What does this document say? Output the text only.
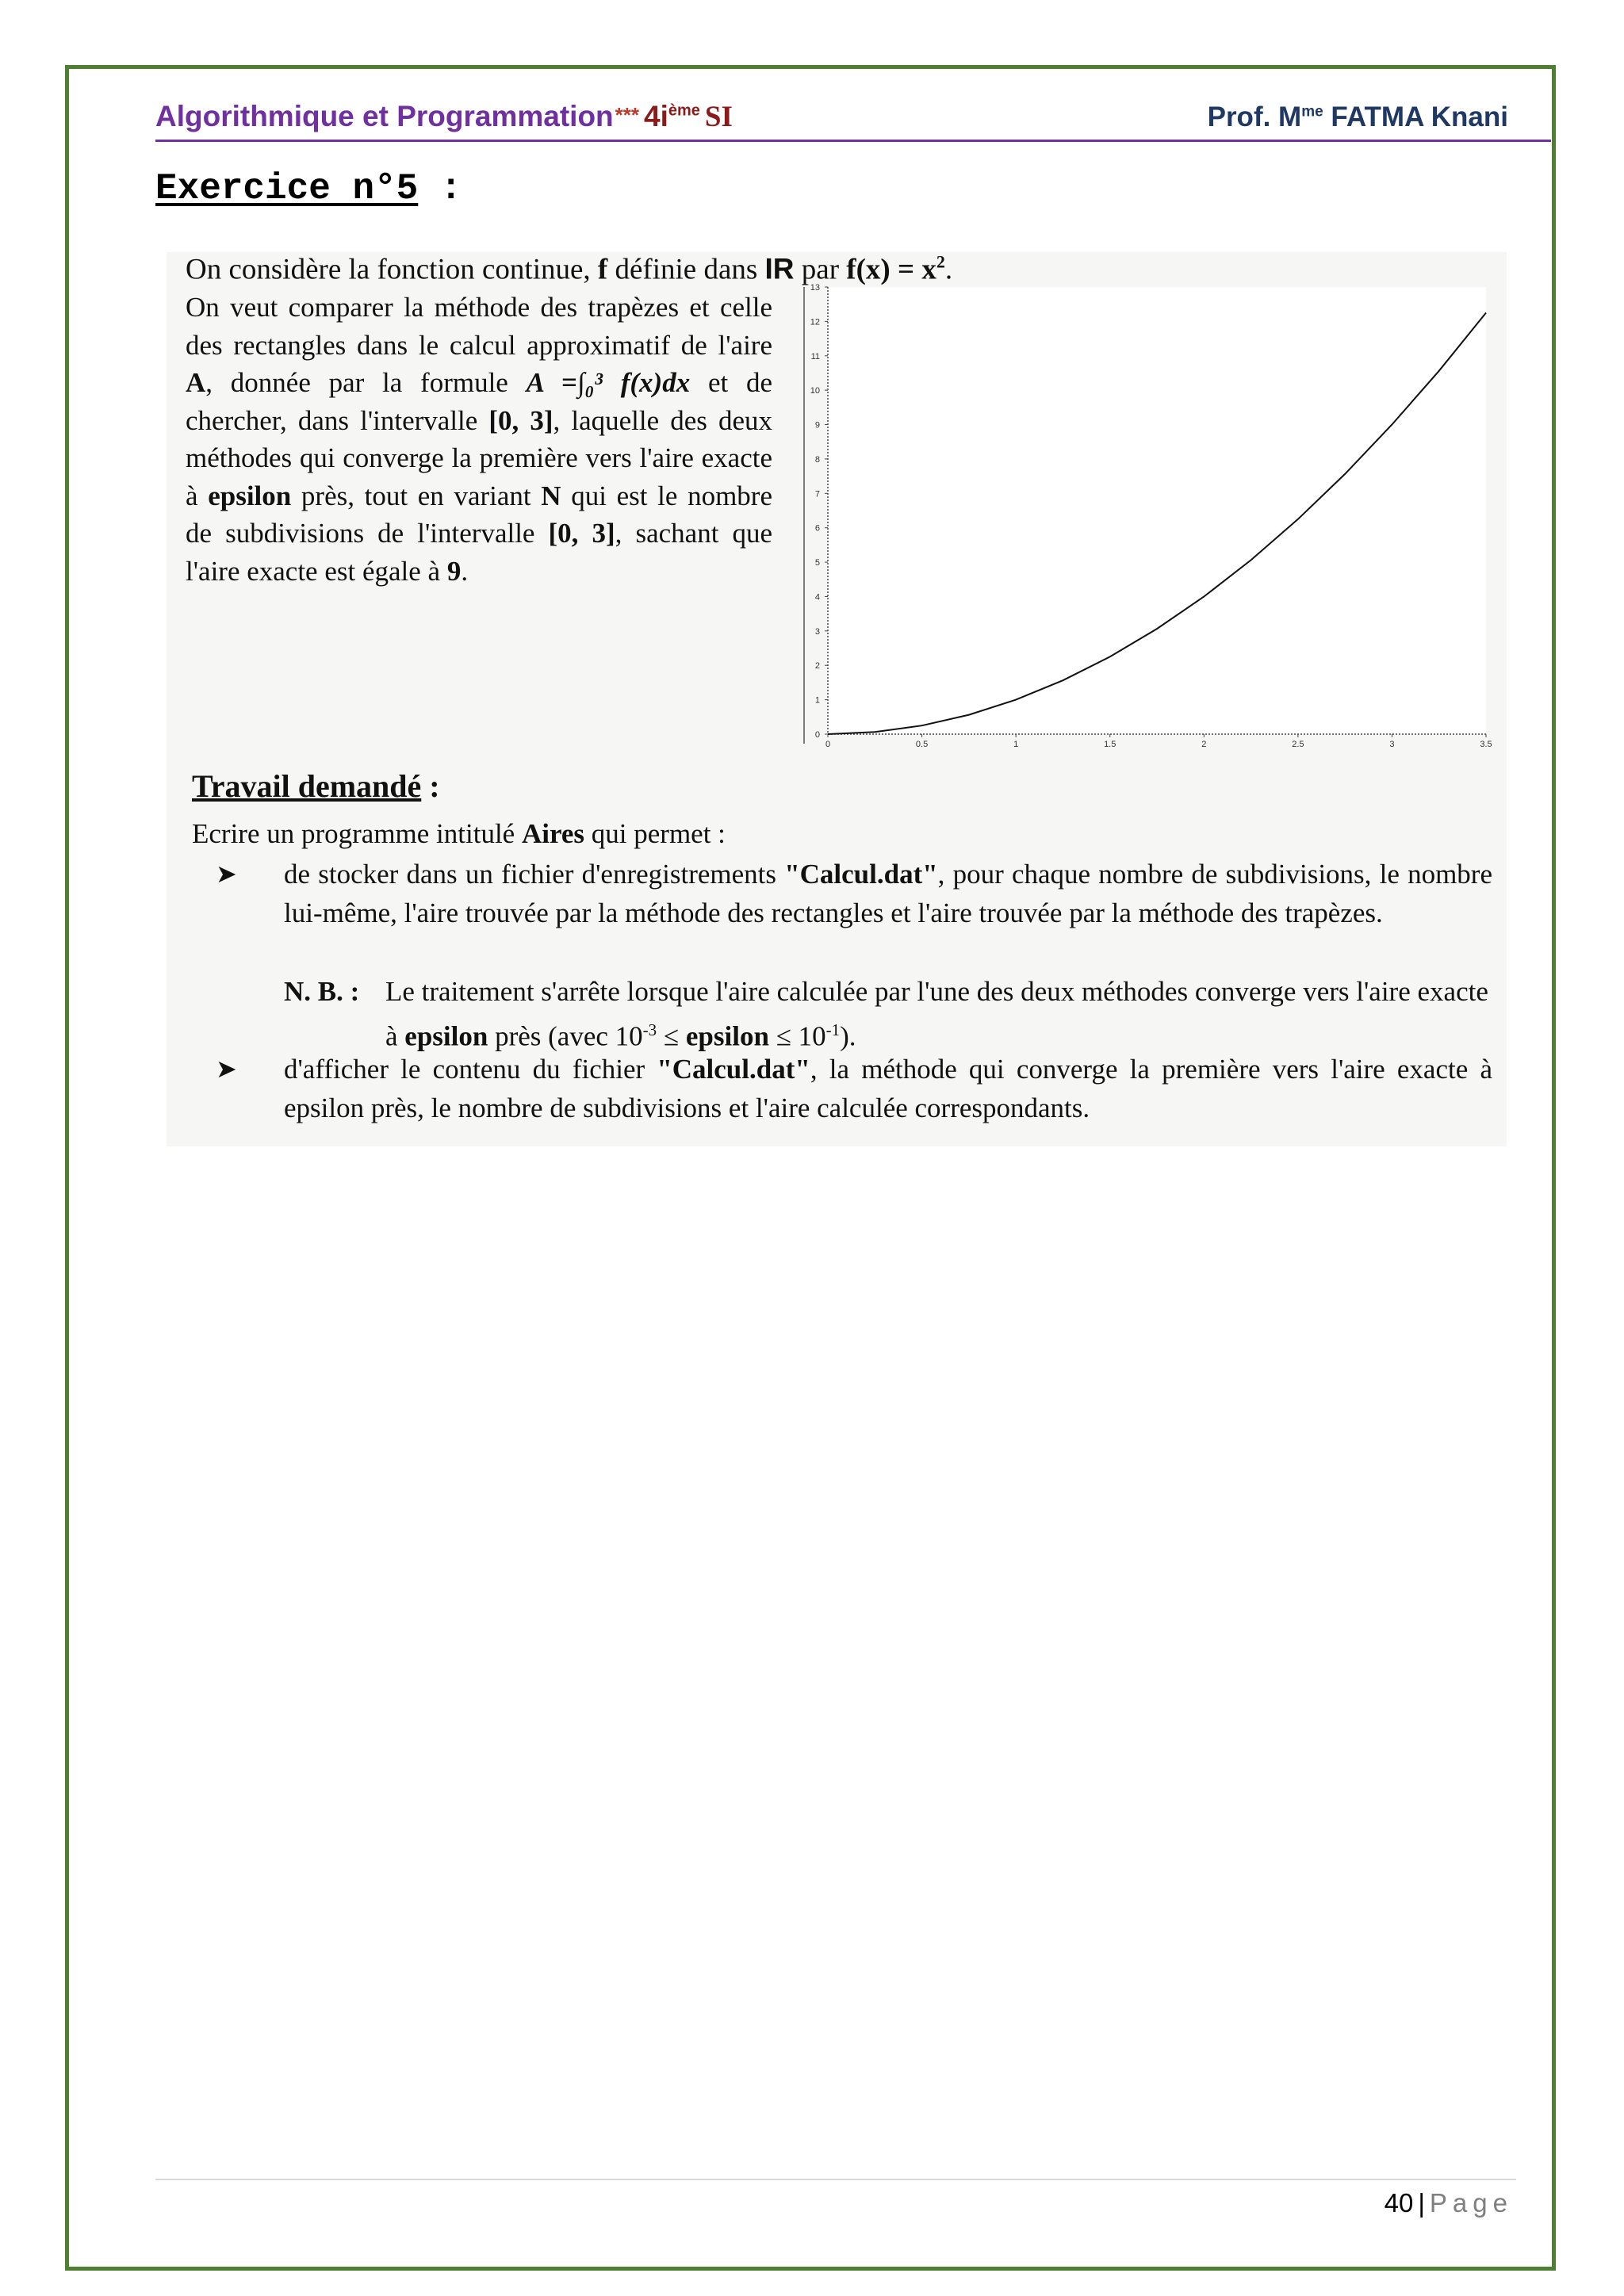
Algorithmique et Programmation*** $4i^{ème}$ SI	Prof. $M^{me}$ FATMA Knani
Exercice n°5 :
On considère la fonction continue, f définie dans IR par $f(x) = x^2$.
On veut comparer la méthode des trapèzes et celle des rectangles dans le calcul approximatif de l'aire A, donnée par la formule A =∫₀³ f(x)dx et de chercher, dans l'intervalle [0, 3], laquelle des deux méthodes qui converge la première vers l'aire exacte à epsilon près, tout en variant N qui est le nombre de subdivisions de l'intervalle [0, 3], sachant que l'aire exacte est égale à 9.
0
1
2
3
4
5
6
7
8
9
10
11
12
13
0	0.5	1	1.5	2	2.5	3	3.5
Travail demandé :
Ecrire un programme intitulé Aires qui permet :
➤ de stocker dans un fichier d'enregistrements "Calcul.dat", pour chaque nombre de subdivisions, le nombre lui-même, l'aire trouvée par la méthode des rectangles et l'aire trouvée par la méthode des trapèzes.
N. B. : Le traitement s'arrête lorsque l'aire calculée par l'une des deux méthodes converge vers l'aire exacte à epsilon près (avec $10^{-3}$ ≤ epsilon ≤ $10^{-1}$).
➤ d'afficher le contenu du fichier "Calcul.dat", la méthode qui converge la première vers l'aire exacte à epsilon près, le nombre de subdivisions et l'aire calculée correspondants.
40 | Page
